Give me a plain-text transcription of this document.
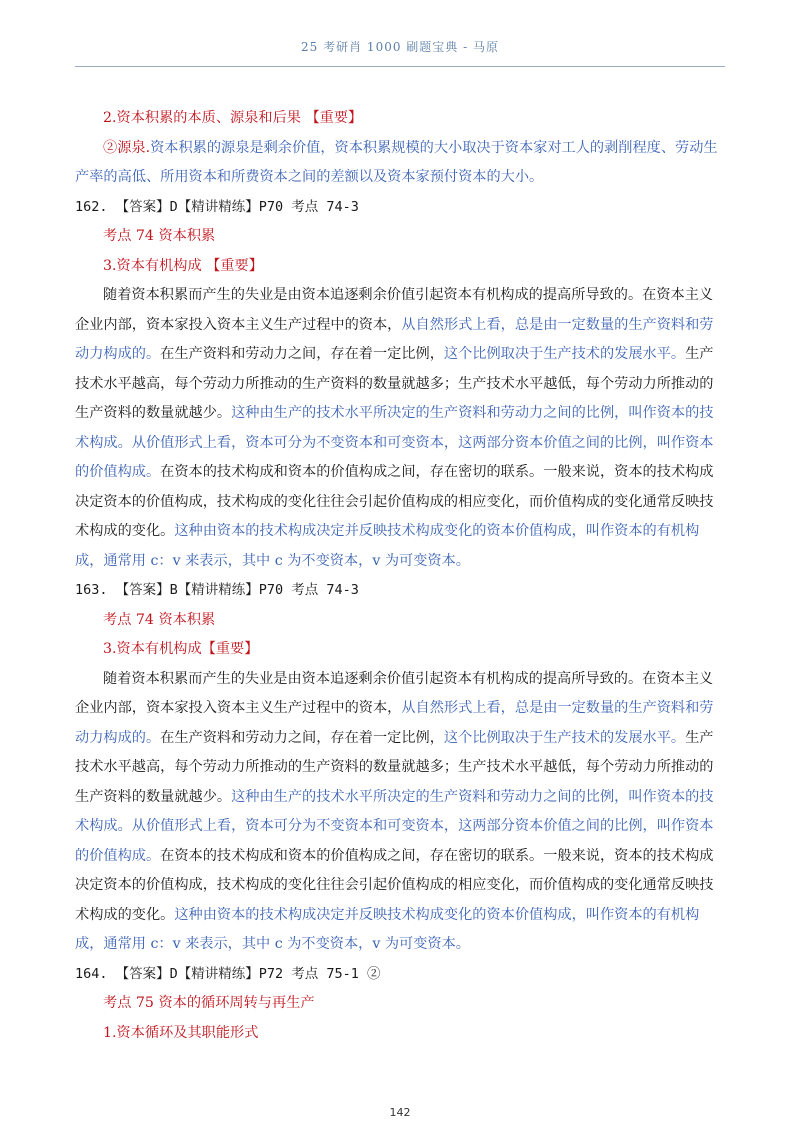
25 考研肖 1000 刷题宝典 - 马原

2.资本积累的本质、源泉和后果 【重要】

②源泉.资本积累的源泉是剩余价值，资本积累规模的大小取决于资本家对工人的剥削程度、劳动生产率的高低、所用资本和所费资本之间的差额以及资本家预付资本的大小。

162. 【答案】D【精讲精练】P70 考点 74-3

考点 74 资本积累

3.资本有机构成 【重要】

随着资本积累而产生的失业是由资本追逐剩余价值引起资本有机构成的提高所导致的。在资本主义企业内部，资本家投入资本主义生产过程中的资本，从自然形式上看，总是由一定数量的生产资料和劳动力构成的。在生产资料和劳动力之间，存在着一定比例，这个比例取决于生产技术的发展水平。生产技术水平越高，每个劳动力所推动的生产资料的数量就越多；生产技术水平越低，每个劳动力所推动的生产资料的数量就越少。这种由生产的技术水平所决定的生产资料和劳动力之间的比例，叫作资本的技术构成。从价值形式上看，资本可分为不变资本和可变资本，这两部分资本价值之间的比例，叫作资本的价值构成。在资本的技术构成和资本的价值构成之间，存在密切的联系。一般来说，资本的技术构成决定资本的价值构成，技术构成的变化往往会引起价值构成的相应变化，而价值构成的变化通常反映技术构成的变化。这种由资本的技术构成决定并反映技术构成变化的资本价值构成，叫作资本的有机构成，通常用 c：v 来表示，其中 c 为不变资本，v 为可变资本。

163. 【答案】B【精讲精练】P70 考点 74-3

考点 74 资本积累

3.资本有机构成【重要】

随着资本积累而产生的失业是由资本追逐剩余价值引起资本有机构成的提高所导致的。在资本主义企业内部，资本家投入资本主义生产过程中的资本，从自然形式上看，总是由一定数量的生产资料和劳动力构成的。在生产资料和劳动力之间，存在着一定比例，这个比例取决于生产技术的发展水平。生产技术水平越高，每个劳动力所推动的生产资料的数量就越多；生产技术水平越低，每个劳动力所推动的生产资料的数量就越少。这种由生产的技术水平所决定的生产资料和劳动力之间的比例，叫作资本的技术构成。从价值形式上看，资本可分为不变资本和可变资本，这两部分资本价值之间的比例，叫作资本的价值构成。在资本的技术构成和资本的价值构成之间，存在密切的联系。一般来说，资本的技术构成决定资本的价值构成，技术构成的变化往往会引起价值构成的相应变化，而价值构成的变化通常反映技术构成的变化。这种由资本的技术构成决定并反映技术构成变化的资本价值构成，叫作资本的有机构成，通常用 c：v 来表示，其中 c 为不变资本，v 为可变资本。

164. 【答案】D【精讲精练】P72 考点 75-1 ②

考点 75 资本的循环周转与再生产

1.资本循环及其职能形式

142
